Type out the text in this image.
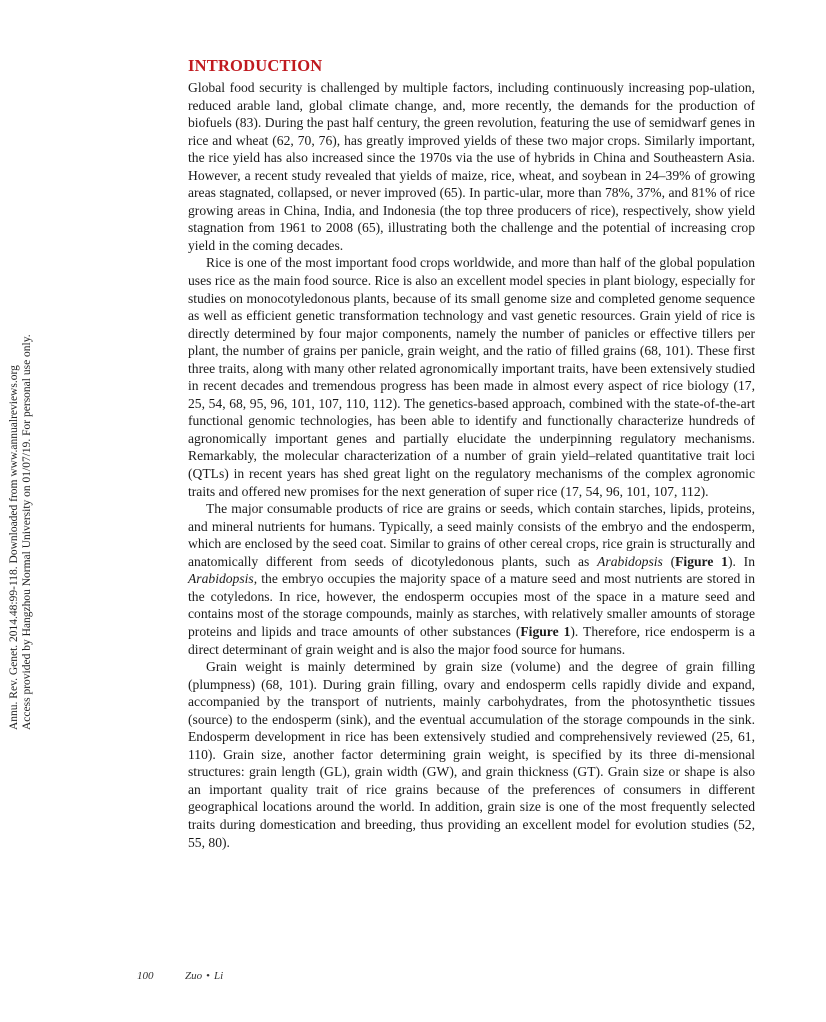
Annu. Rev. Genet. 2014.48:99-118. Downloaded from www.annualreviews.org Access provided by Hangzhou Normal University on 01/07/19. For personal use only.
INTRODUCTION

Global food security is challenged by multiple factors, including continuously increasing pop-ulation, reduced arable land, global climate change, and, more recently, the demands for the production of biofuels (83). During the past half century, the green revolution, featuring the use of semidwarf genes in rice and wheat (62, 70, 76), has greatly improved yields of these two major crops. Similarly important, the rice yield has also increased since the 1970s via the use of hybrids in China and Southeastern Asia. However, a recent study revealed that yields of maize, rice, wheat, and soybean in 24–39% of growing areas stagnated, collapsed, or never improved (65). In partic-ular, more than 78%, 37%, and 81% of rice growing areas in China, India, and Indonesia (the top three producers of rice), respectively, show yield stagnation from 1961 to 2008 (65), illustrating both the challenge and the potential of increasing crop yield in the coming decades.

Rice is one of the most important food crops worldwide, and more than half of the global population uses rice as the main food source. Rice is also an excellent model species in plant biology, especially for studies on monocotyledonous plants, because of its small genome size and completed genome sequence as well as efficient genetic transformation technology and vast genetic resources. Grain yield of rice is directly determined by four major components, namely the number of panicles or effective tillers per plant, the number of grains per panicle, grain weight, and the ratio of filled grains (68, 101). These first three traits, along with many other related agronomically important traits, have been extensively studied in recent decades and tremendous progress has been made in almost every aspect of rice biology (17, 25, 54, 68, 95, 96, 101, 107, 110, 112). The genetics-based approach, combined with the state-of-the-art functional genomic technologies, has been able to identify and functionally characterize hundreds of agronomically important genes and partially elucidate the underpinning regulatory mechanisms. Remarkably, the molecular characterization of a number of grain yield–related quantitative trait loci (QTLs) in recent years has shed great light on the regulatory mechanisms of the complex agronomic traits and offered new promises for the next generation of super rice (17, 54, 96, 101, 107, 112).

The major consumable products of rice are grains or seeds, which contain starches, lipids, proteins, and mineral nutrients for humans. Typically, a seed mainly consists of the embryo and the endosperm, which are enclosed by the seed coat. Similar to grains of other cereal crops, rice grain is structurally and anatomically different from seeds of dicotyledonous plants, such as Arabidopsis (Figure 1). In Arabidopsis, the embryo occupies the majority space of a mature seed and most nutrients are stored in the cotyledons. In rice, however, the endosperm occupies most of the space in a mature seed and contains most of the storage compounds, mainly as starches, with relatively smaller amounts of storage proteins and lipids and trace amounts of other substances (Figure 1). Therefore, rice endosperm is a direct determinant of grain weight and is also the major food source for humans.

Grain weight is mainly determined by grain size (volume) and the degree of grain filling (plumpness) (68, 101). During grain filling, ovary and endosperm cells rapidly divide and expand, accompanied by the transport of nutrients, mainly carbohydrates, from the photosynthetic tissues (source) to the endosperm (sink), and the eventual accumulation of the storage compounds in the sink. Endosperm development in rice has been extensively studied and comprehensively reviewed (25, 61, 110). Grain size, another factor determining grain weight, is specified by its three di-mensional structures: grain length (GL), grain width (GW), and grain thickness (GT). Grain size or shape is also an important quality trait of rice grains because of the preferences of consumers in different geographical locations around the world. In addition, grain size is one of the most frequently selected traits during domestication and breeding, thus providing an excellent model for evolution studies (52, 55, 80).

100	Zuo • Li
